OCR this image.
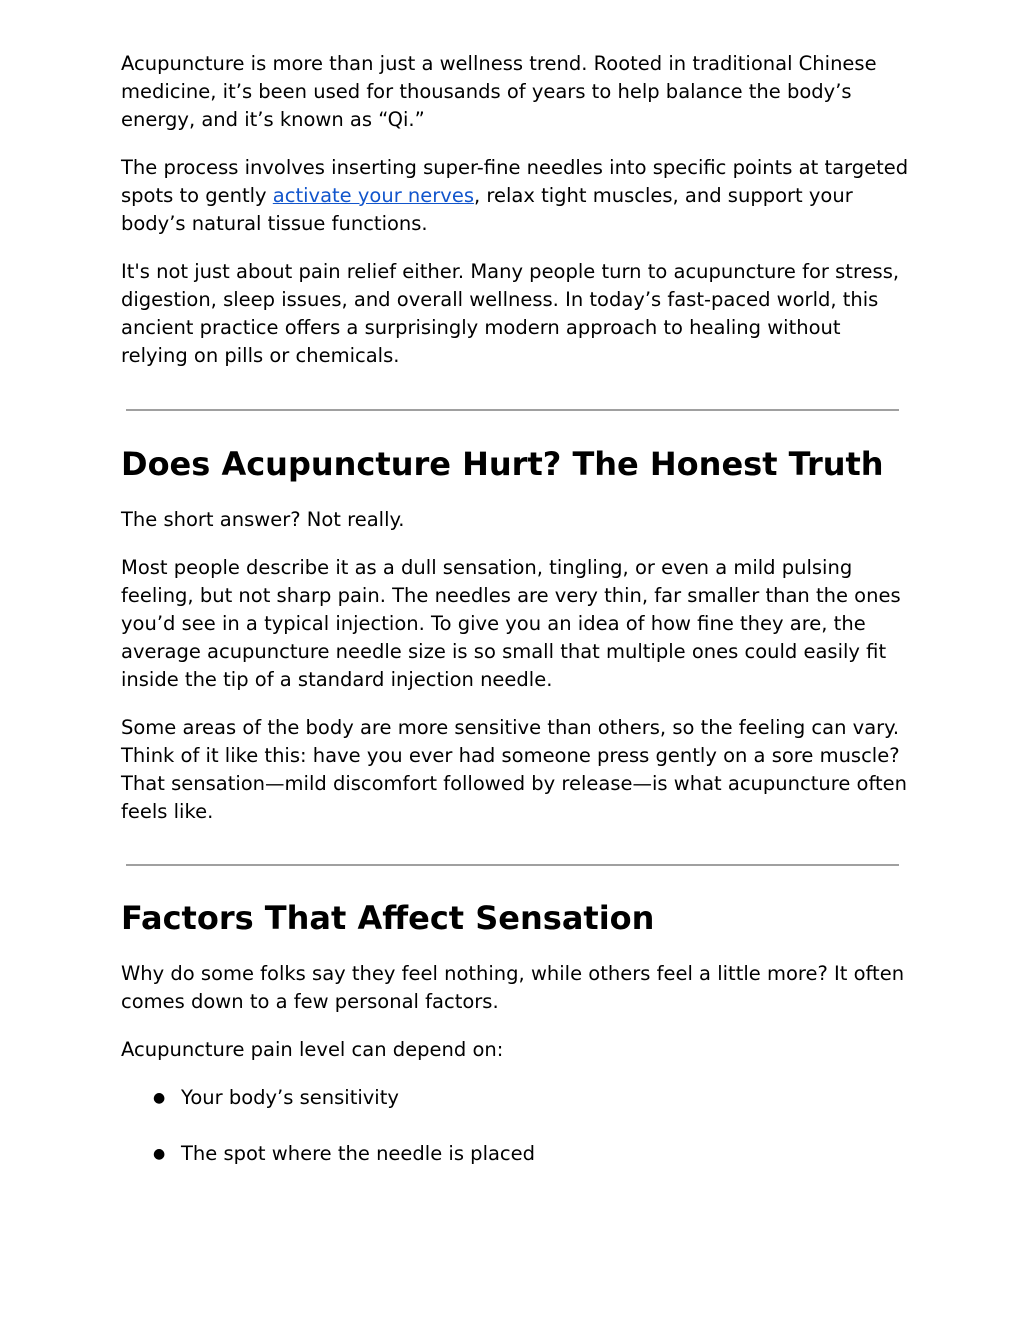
Acupuncture is more than just a wellness trend. Rooted in traditional Chinese medicine, it’s been used for thousands of years to help balance the body’s energy, and it’s known as “Qi.”

The process involves inserting super-fine needles into specific points at targeted spots to gently activate your nerves, relax tight muscles, and support your body’s natural tissue functions.

It's not just about pain relief either. Many people turn to acupuncture for stress, digestion, sleep issues, and overall wellness. In today’s fast-paced world, this ancient practice offers a surprisingly modern approach to healing without relying on pills or chemicals.

Does Acupuncture Hurt? The Honest Truth

The short answer? Not really.

Most people describe it as a dull sensation, tingling, or even a mild pulsing feeling, but not sharp pain. The needles are very thin, far smaller than the ones you’d see in a typical injection. To give you an idea of how fine they are, the average acupuncture needle size is so small that multiple ones could easily fit inside the tip of a standard injection needle.

Some areas of the body are more sensitive than others, so the feeling can vary. Think of it like this: have you ever had someone press gently on a sore muscle? That sensation—mild discomfort followed by release—is what acupuncture often feels like.

Factors That Affect Sensation

Why do some folks say they feel nothing, while others feel a little more? It often comes down to a few personal factors.

Acupuncture pain level can depend on:

● Your body’s sensitivity
● The spot where the needle is placed
